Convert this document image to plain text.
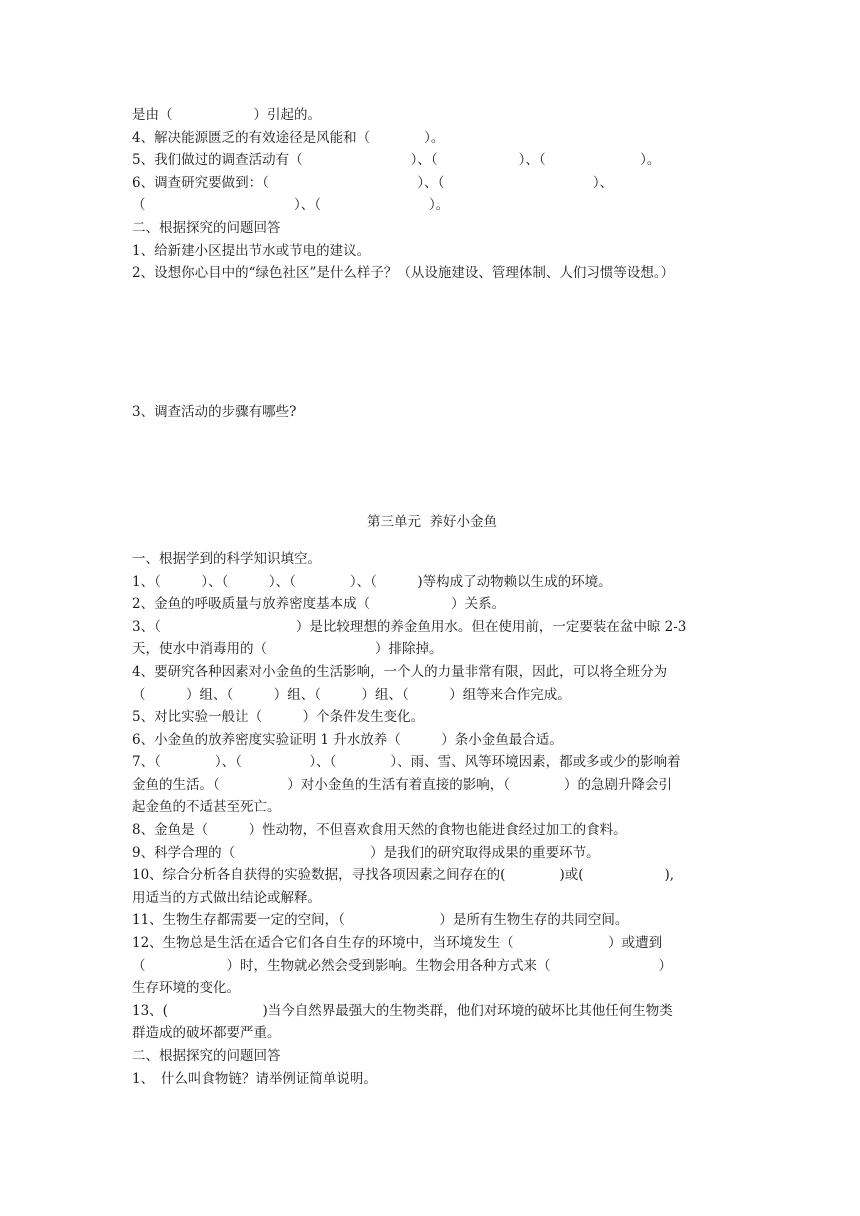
是由（　　　　　　）引起的。
4、解决能源匮乏的有效途径是风能和（　　　　）。
5、我们做过的调查活动有（　　　　　　　　）、（　　　　　　）、（　　　　　　　）。
6、调查研究要做到：（　　　　　　　　　　　）、（　　　　　　　　　　　）、
（　　　　　　　　　　　）、（　　　　　　　　）。
二、根据探究的问题回答
1、给新建小区提出节水或节电的建议。
2、设想你心目中的“绿色社区”是什么样子？（从设施建设、管理体制、人们习惯等设想。）
3、调查活动的步骤有哪些?
第三单元  养好小金鱼
一、根据学到的科学知识填空。
1、（　　　）、（　　　）、（　　　　）、（　　　)等构成了动物赖以生成的环境。
2、金鱼的呼吸质量与放养密度基本成（　　　　　　）关系。
3、（　　　　　　　　　　）是比较理想的养金鱼用水。但在使用前，一定要装在盆中晾 2-3
天，使水中消毒用的（　　　　　　　　）排除掉。
4、要研究各种因素对小金鱼的生活影响，一个人的力量非常有限，因此，可以将全班分为
（　　　）组、（　　　）组、（　　　）组、（　　　）组等来合作完成。
5、对比实验一般让（　　　）个条件发生变化。
6、小金鱼的放养密度实验证明 1 升水放养（　　　）条小金鱼最合适。
7、（　　　　）、（　　　　　）、（　　　　）、雨、雪、风等环境因素，都或多或少的影响着
金鱼的生活。（　　　　　）对小金鱼的生活有着直接的影响，（　　　　）的急剧升降会引
起金鱼的不适甚至死亡。
8、金鱼是（　　　）性动物，不但喜欢食用天然的食物也能进食经过加工的食料。
9、科学合理的（　　　　　　　　　　）是我们的研究取得成果的重要环节。
10、综合分析各自获得的实验数据，寻找各项因素之间存在的(　　　　)或(　　　　　　),
用适当的方式做出结论或解释。
11、生物生存都需要一定的空间，（　　　　　　　）是所有生物生存的共同空间。
12、生物总是生活在适合它们各自生存的环境中，当环境发生（　　　　　　　）或遭到
（　　　　　　）时，生物就必然会受到影响。生物会用各种方式来（　　　　　　　　）
生存环境的变化。
13、(　　　　　　　)当今自然界最强大的生物类群，他们对环境的破坏比其他任何生物类
群造成的破坏都要严重。
二、根据探究的问题回答
1、　什么叫食物链？请举例证简单说明。
